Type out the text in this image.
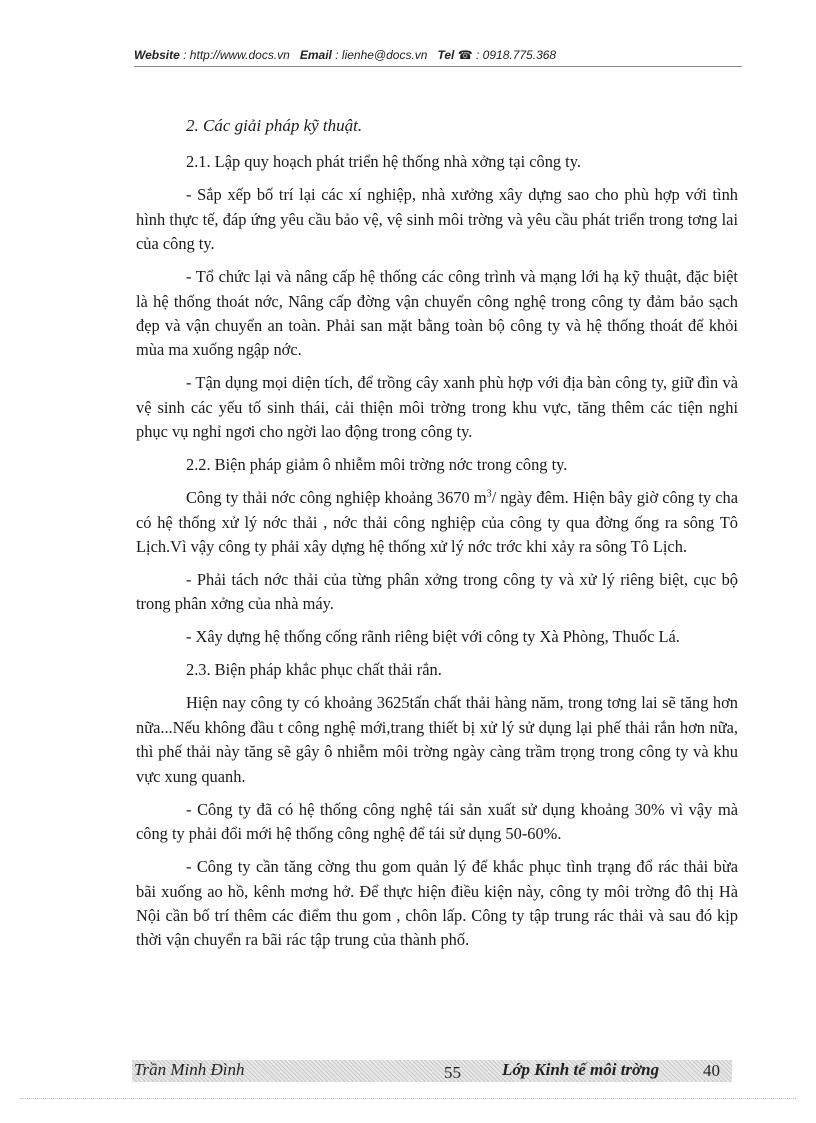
Website : http://www.docs.vn Email : lienhe@docs.vn Tel ☎ : 0918.775.368

2. Các giải pháp kỹ thuật.

2.1. Lập quy hoạch phát triển hệ thống nhà xởng tại công ty.

- Sắp xếp bố trí lại các xí nghiệp, nhà xưởng xây dựng sao cho phù hợp với tình hình thực tế, đáp ứng yêu cầu bảo vệ, vệ sinh môi trờng và yêu cầu phát triển trong tơng lai của công ty.

- Tổ chức lại và nâng cấp hệ thống các công trình và mạng lới hạ kỹ thuật, đặc biệt là hệ thống thoát nớc, Nâng cấp đờng vận chuyển công nghệ trong công ty đảm bảo sạch đẹp và vận chuyển an toàn. Phải san mặt bằng toàn bộ công ty và hệ thống thoát để khỏi mùa ma xuống ngập nớc.

- Tận dụng mọi diện tích, để trồng cây xanh phù hợp với địa bàn công ty, giữ đìn và vệ sinh các yếu tố sinh thái, cải thiện môi trờng trong khu vực, tăng thêm các tiện nghi phục vụ nghỉ ngơi cho ngời lao động trong công ty.

2.2. Biện pháp giảm ô nhiễm môi trờng nớc trong công ty.

Công ty thải nớc công nghiệp khoảng 3670 $m^3/$ ngày đêm. Hiện bây giờ công ty cha có hệ thống xử lý nớc thải , nớc thải công nghiệp của công ty qua đờng ống ra sông Tô Lịch.Vì vậy công ty phải xây dựng hệ thống xử lý nớc trớc khi xảy ra sông Tô Lịch.

- Phải tách nớc thải của từng phân xởng trong công ty và xử lý riêng biệt, cục bộ trong phân xởng của nhà máy.

- Xây dựng hệ thống cống rãnh riêng biệt với công ty Xà Phòng, Thuốc Lá.

2.3. Biện pháp khắc phục chất thải rắn.

Hiện nay công ty có khoảng 3625tấn chất thải hàng năm, trong tơng lai sẽ tăng hơn nữa...Nếu không đầu t công nghệ mới,trang thiết bị xử lý sử dụng lại phế thải rắn hơn nữa, thì phế thải này tăng sẽ gây ô nhiễm môi trờng ngày càng trầm trọng trong công ty và khu vực xung quanh.

- Công ty đã có hệ thống công nghệ tái sản xuất sử dụng khoảng 30% vì vậy mà công ty phải đổi mới hệ thống công nghệ để tái sử dụng 50-60%.

- Công ty cần tăng cờng thu gom quản lý để khắc phục tình trạng đổ rác thải bừa bãi xuống ao hồ, kênh mơng hở. Để thực hiện điều kiện này, công ty môi trờng đô thị Hà Nội cần bố trí thêm các điểm thu gom , chôn lấp. Công ty tập trung rác thải và sau đó kịp thời vận chuyển ra bãi rác tập trung của thành phố.

Trần Minh Đình	55 Lớp Kinh tế môi trờng	40
